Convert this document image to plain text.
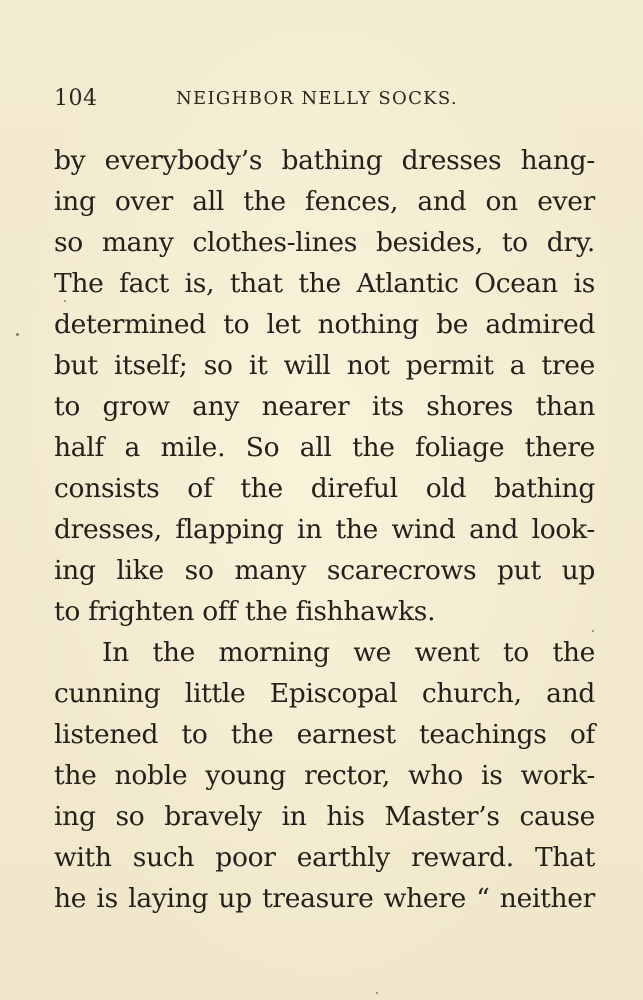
104	NEIGHBOR NELLY SOCKS.
by everybody’s bathing dresses hang-
ing over all the fences, and on ever
so many clothes-lines besides, to dry.
The fact is, that the Atlantic Ocean is
determined to let nothing be admired
but itself; so it will not permit a tree
to grow any nearer its shores than
half a mile. So all the foliage there
consists of the direful old bathing
dresses, flapping in the wind and look-
ing like so many scarecrows put up
to frighten off the fishhawks.
In the morning we went to the
cunning little Episcopal church, and
listened to the earnest teachings of
the noble young rector, who is work-
ing so bravely in his Master’s cause
with such poor earthly reward. That
he is laying up treasure where “ neither
